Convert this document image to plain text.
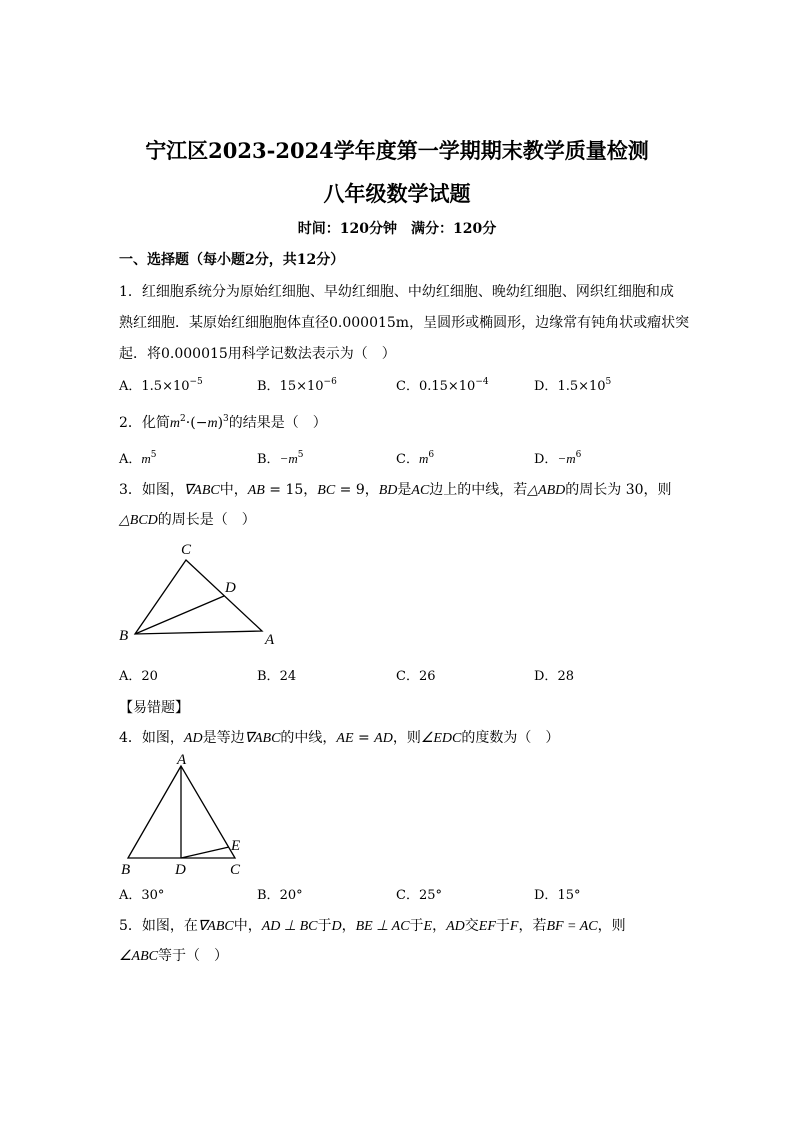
宁江区2023-2024学年度第一学期期末教学质量检测
八年级数学试题
时间：120分钟　满分：120分
一、选择题（每小题2分，共12分）
1．红细胞系统分为原始红细胞、早幼红细胞、中幼红细胞、晚幼红细胞、网织红细胞和成
熟红细胞．某原始红细胞胞体直径0.000015m，呈圆形或椭圆形，边缘常有钝角状或瘤状突
起．将0.000015用科学记数法表示为（　）
A．$1.5\times 10^{-5}$	B．$15\times 10^{-6}$	C．$0.15\times 10^{-4}$	D．$1.5\times 10^5$
2．化简$m^2\cdot(-m)^3$的结果是（　）
A．$m^5$	B．$-m^5$	C．$m^6$	D．$-m^6$
3．如图，∇ABC中，AB = 15，BC = 9，BD是AC边上的中线，若△ABD的周长为 30，则
△BCD的周长是（　）
C
D
B	A
A．20	B．24	C．26	D．28
【易错题】
4．如图，AD是等边∇ABC的中线，AE = AD，则∠EDC的度数为（　）
A
E
B	D	C
A．30°	B．20°	C．25°	D．15°
5．如图，在∇ABC中，AD ⊥ BC于D，BE ⊥ AC于E，AD交EF于F，若BF = AC，则
∠ABC等于（　）
